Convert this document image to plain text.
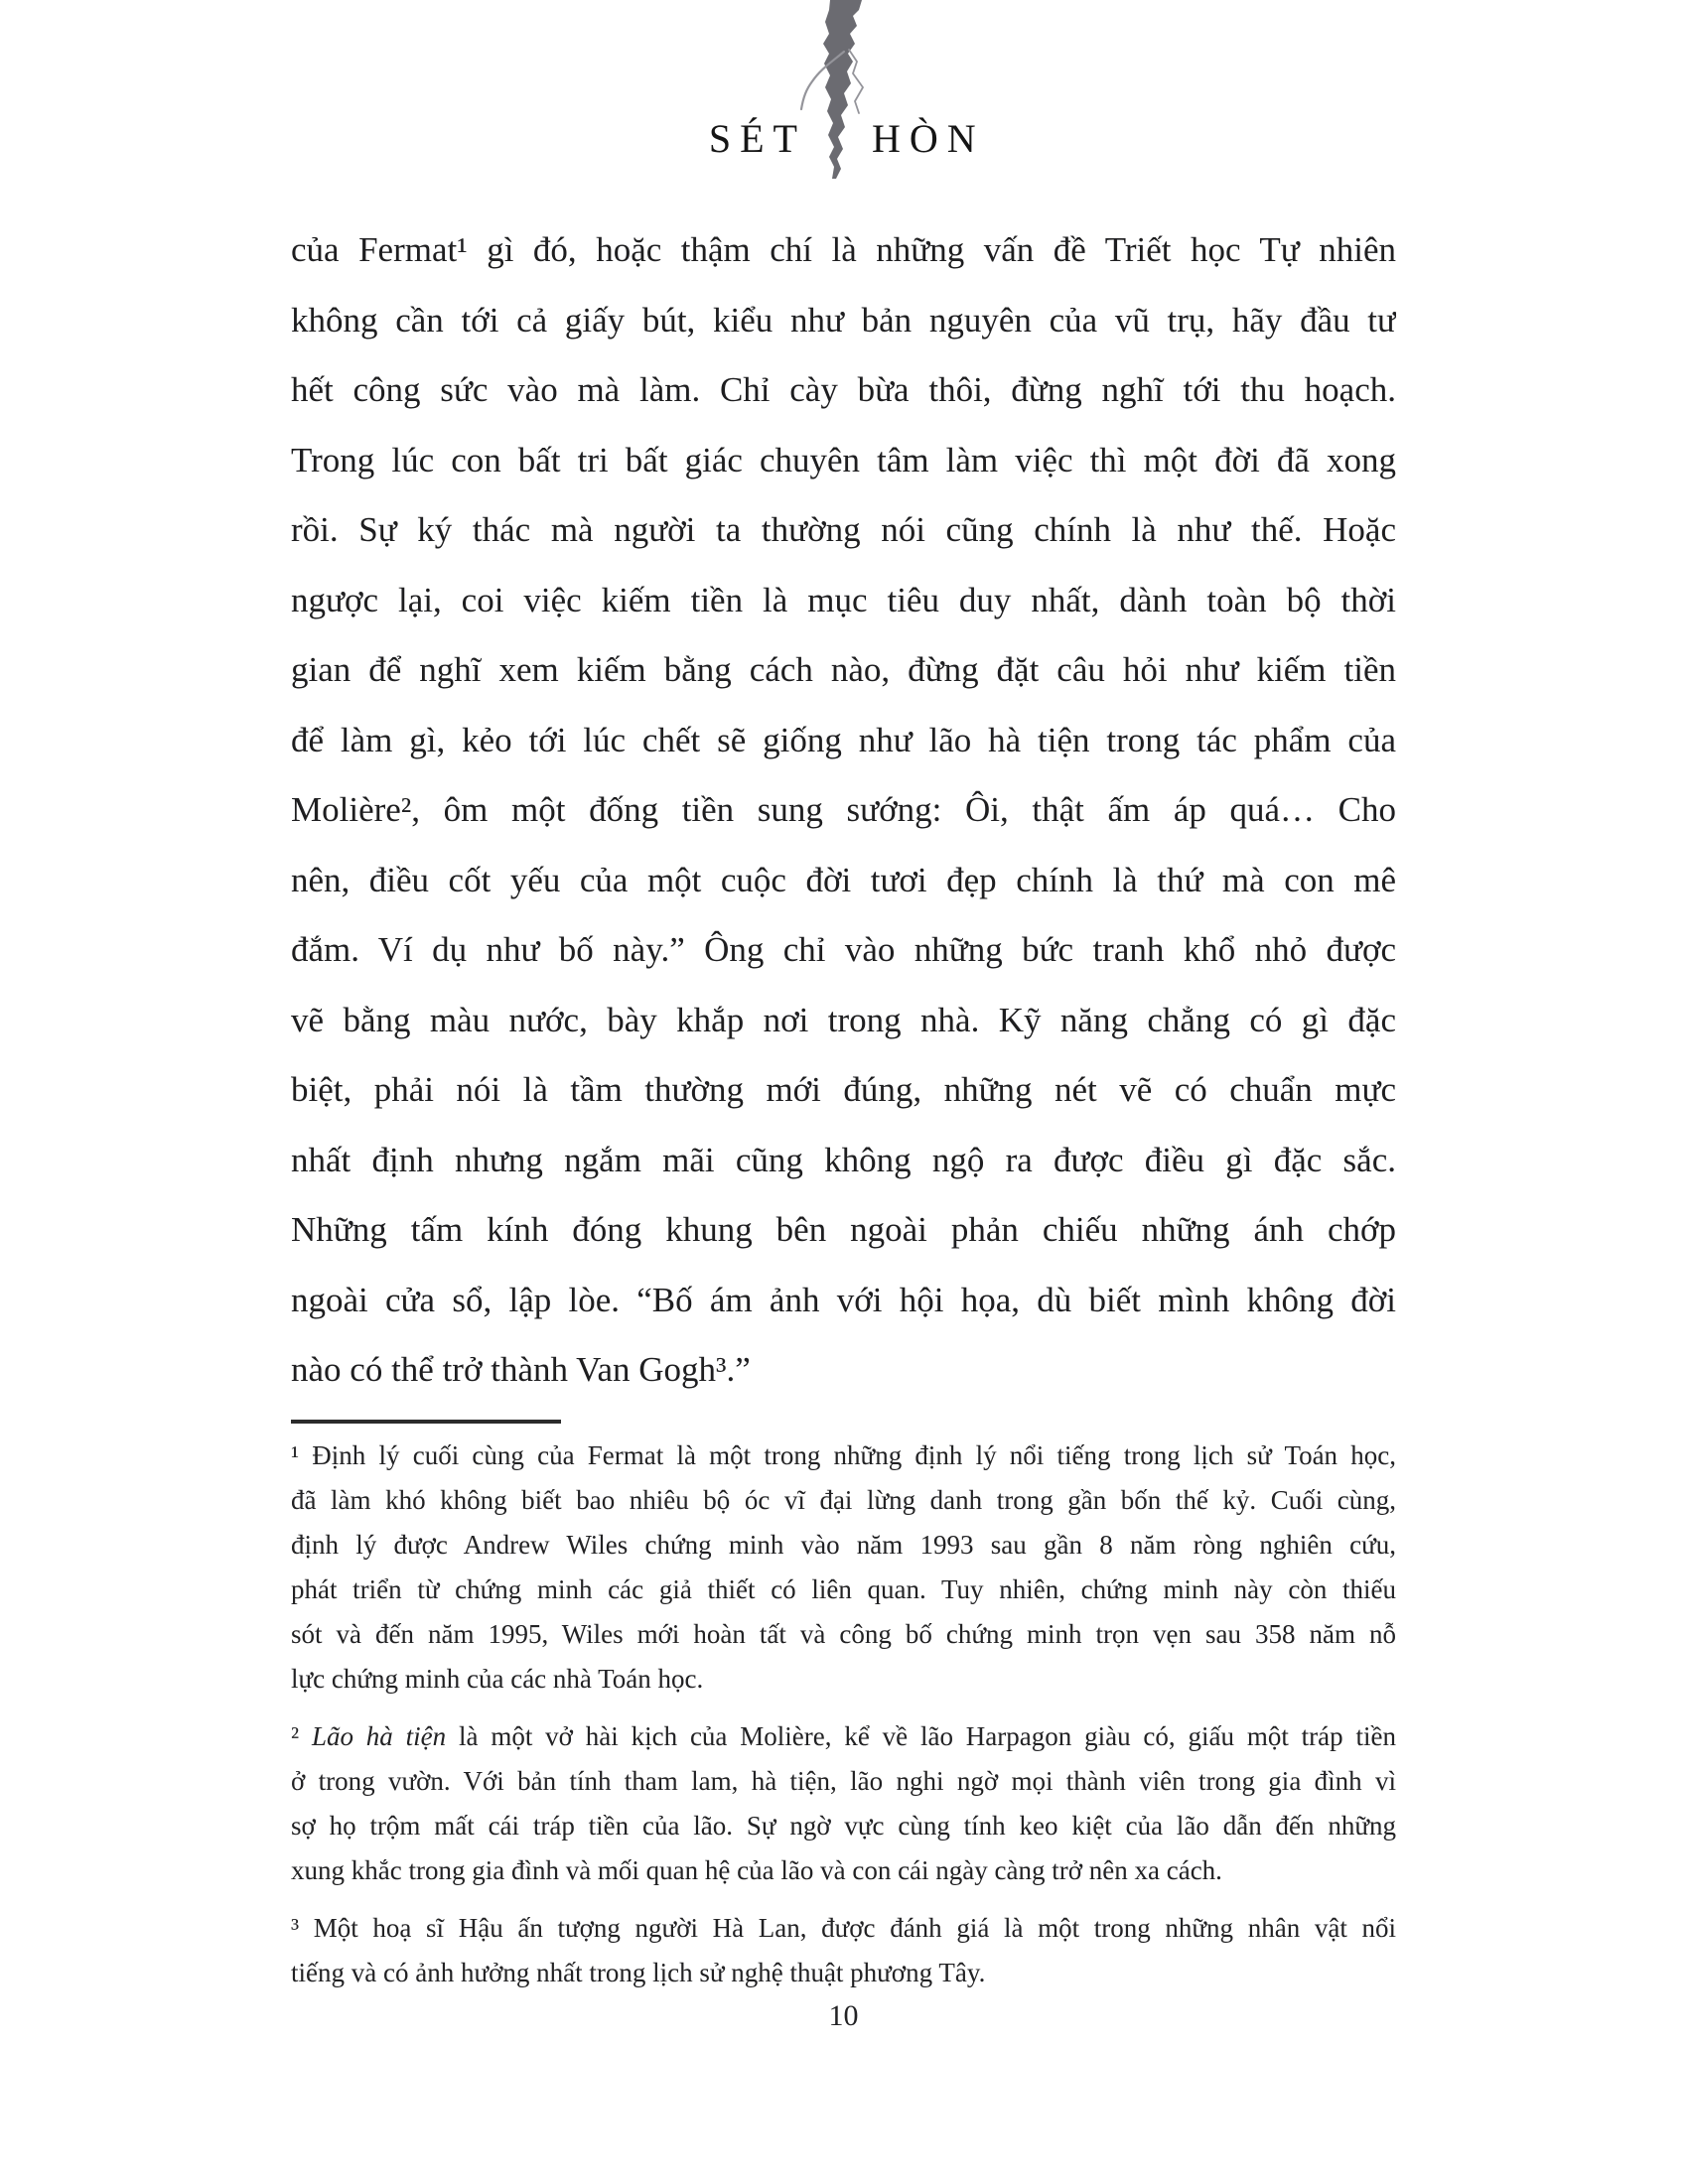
SÉT HÒN
của Fermat¹ gì đó, hoặc thậm chí là những vấn đề Triết học Tự nhiên
không cần tới cả giấy bút, kiểu như bản nguyên của vũ trụ, hãy đầu tư
hết công sức vào mà làm. Chỉ cày bừa thôi, đừng nghĩ tới thu hoạch.
Trong lúc con bất tri bất giác chuyên tâm làm việc thì một đời đã xong
rồi. Sự ký thác mà người ta thường nói cũng chính là như thế. Hoặc
ngược lại, coi việc kiếm tiền là mục tiêu duy nhất, dành toàn bộ thời
gian để nghĩ xem kiếm bằng cách nào, đừng đặt câu hỏi như kiếm tiền
để làm gì, kẻo tới lúc chết sẽ giống như lão hà tiện trong tác phẩm của
Molière², ôm một đống tiền sung sướng: Ôi, thật ấm áp quá… Cho
nên, điều cốt yếu của một cuộc đời tươi đẹp chính là thứ mà con mê
đắm. Ví dụ như bố này.” Ông chỉ vào những bức tranh khổ nhỏ được
vẽ bằng màu nước, bày khắp nơi trong nhà. Kỹ năng chẳng có gì đặc
biệt, phải nói là tầm thường mới đúng, những nét vẽ có chuẩn mực
nhất định nhưng ngắm mãi cũng không ngộ ra được điều gì đặc sắc.
Những tấm kính đóng khung bên ngoài phản chiếu những ánh chớp
ngoài cửa sổ, lập lòe. “Bố ám ảnh với hội họa, dù biết mình không đời
nào có thể trở thành Van Gogh³.”
¹ Định lý cuối cùng của Fermat là một trong những định lý nổi tiếng trong lịch sử Toán học,
đã làm khó không biết bao nhiêu bộ óc vĩ đại lừng danh trong gần bốn thế kỷ. Cuối cùng,
định lý được Andrew Wiles chứng minh vào năm 1993 sau gần 8 năm ròng nghiên cứu,
phát triển từ chứng minh các giả thiết có liên quan. Tuy nhiên, chứng minh này còn thiếu
sót và đến năm 1995, Wiles mới hoàn tất và công bố chứng minh trọn vẹn sau 358 năm nỗ
lực chứng minh của các nhà Toán học.
² Lão hà tiện là một vở hài kịch của Molière, kể về lão Harpagon giàu có, giấu một tráp tiền
ở trong vườn. Với bản tính tham lam, hà tiện, lão nghi ngờ mọi thành viên trong gia đình vì
sợ họ trộm mất cái tráp tiền của lão. Sự ngờ vực cùng tính keo kiệt của lão dẫn đến những
xung khắc trong gia đình và mối quan hệ của lão và con cái ngày càng trở nên xa cách.
³ Một hoạ sĩ Hậu ấn tượng người Hà Lan, được đánh giá là một trong những nhân vật nổi
tiếng và có ảnh hưởng nhất trong lịch sử nghệ thuật phương Tây.
10
